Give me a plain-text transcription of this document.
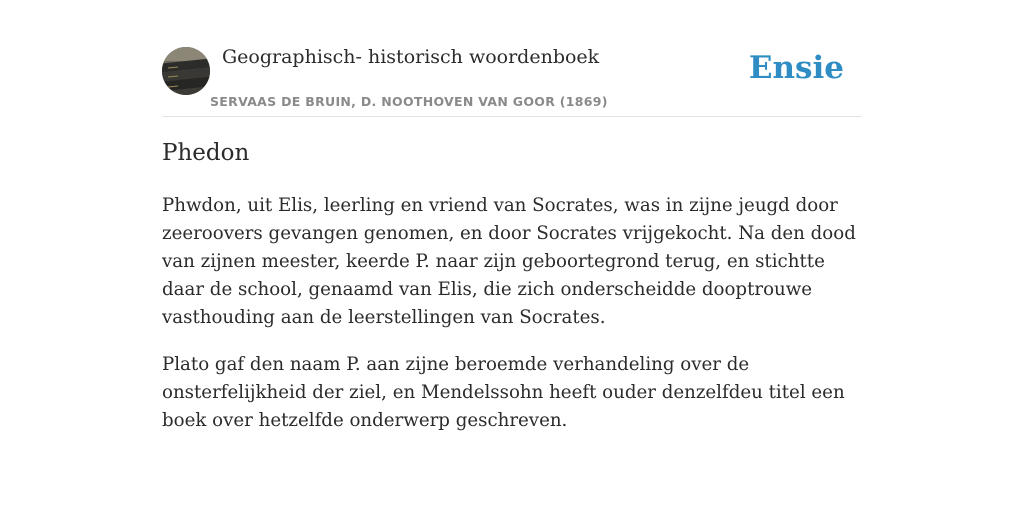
Geographisch- historisch woordenboek
SERVAAS DE BRUIN, D. NOOTHOVEN VAN GOOR (1869)
Ensie
Phedon

Phwdon, uit Elis, leerling en vriend van Socrates, was in zijne jeugd door zeeroovers gevangen genomen, en door Socrates vrijgekocht. Na den dood van zijnen meester, keerde P. naar zijn geboortegrond terug, en stichtte daar de school, genaamd van Elis, die zich onderscheidde dooptrouwe vasthouding aan de leerstellingen van Socrates.

Plato gaf den naam P. aan zijne beroemde verhandeling over de onsterfelijkheid der ziel, en Mendelssohn heeft ouder denzelfdeu titel een boek over hetzelfde onderwerp geschreven.
